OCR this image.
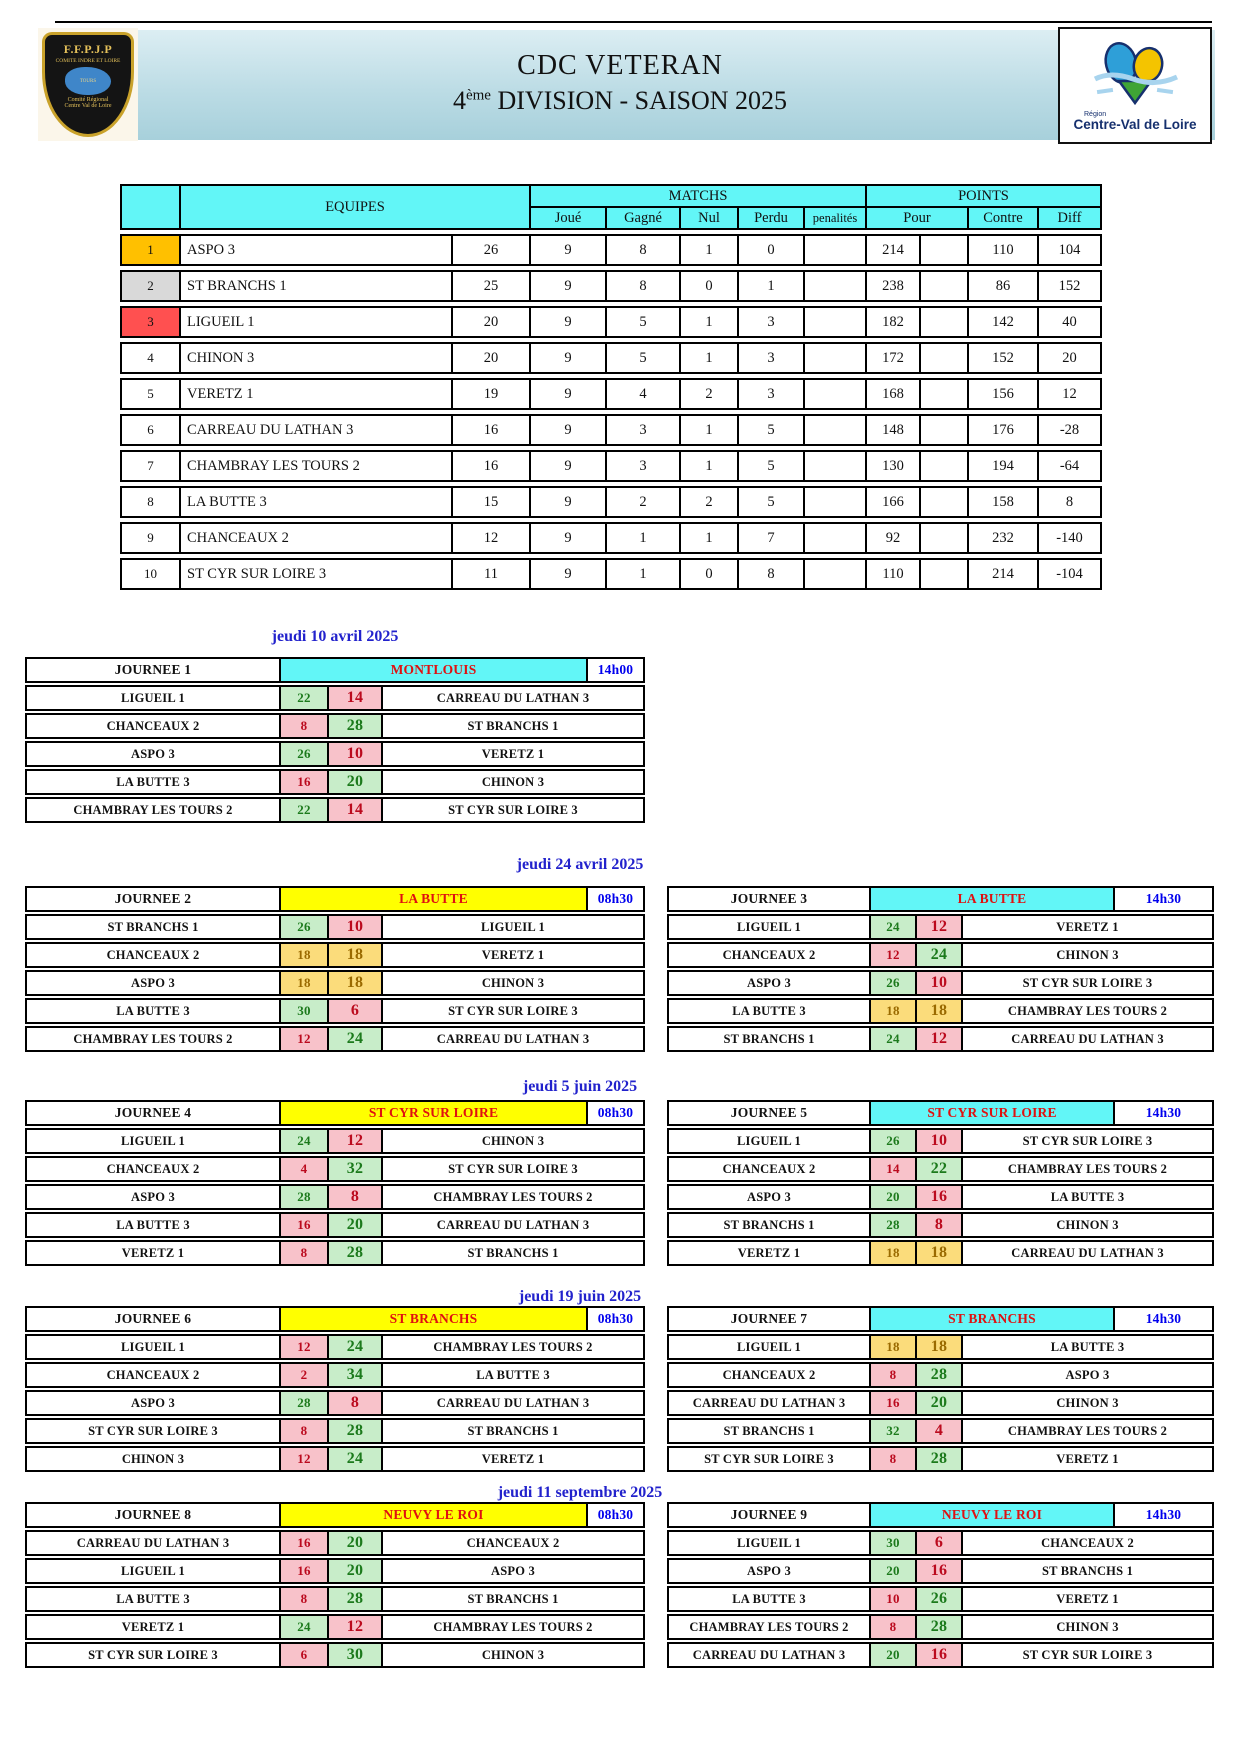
CDC VETERAN
4ème DIVISION - SAISON 2025
F.F.P.J.P
COMITE INDRE ET LOIRE
TOURS
Comité Régional
Centre Val de Loire
Région
Centre-Val de Loire
EQUIPES
MATCHS	POINTS
Joué	Gagné	Nul	Perdu	penalités	Pour	Contre	Diff
1	ASPO 3	26	9	8	1	0	214	110	104
2	ST BRANCHS 1	25	9	8	0	1	238	86	152
3	LIGUEIL 1	20	9	5	1	3	182	142	40
4	CHINON 3	20	9	5	1	3	172	152	20
5	VERETZ 1	19	9	4	2	3	168	156	12
6	CARREAU DU LATHAN 3	16	9	3	1	5	148	176	-28
7	CHAMBRAY LES TOURS 2	16	9	3	1	5	130	194	-64
8	LA BUTTE 3	15	9	2	2	5	166	158	8
9	CHANCEAUX 2	12	9	1	1	7	92	232	-140
10	ST CYR SUR LOIRE 3	11	9	1	0	8	110	214	-104
jeudi 10 avril 2025
jeudi 24 avril 2025
jeudi 5 juin 2025
jeudi 19 juin 2025
jeudi 11 septembre 2025
JOURNEE 1	MONTLOUIS	14h00
LIGUEIL 1	22	14	CARREAU DU LATHAN 3
CHANCEAUX 2	8	28	ST BRANCHS 1
ASPO 3	26	10	VERETZ 1
LA BUTTE 3	16	20	CHINON 3
CHAMBRAY LES TOURS 2	22	14	ST CYR SUR LOIRE 3
JOURNEE 2	LA BUTTE	08h30
ST BRANCHS 1	26	10	LIGUEIL 1
CHANCEAUX 2	18	18	VERETZ 1
ASPO 3	18	18	CHINON 3
LA BUTTE 3	30	6	ST CYR SUR LOIRE 3
CHAMBRAY LES TOURS 2	12	24	CARREAU DU LATHAN 3
JOURNEE 3	LA BUTTE	14h30
LIGUEIL 1	24	12	VERETZ 1
CHANCEAUX 2	12	24	CHINON 3
ASPO 3	26	10	ST CYR SUR LOIRE 3
LA BUTTE 3	18	18	CHAMBRAY LES TOURS 2
ST BRANCHS 1	24	12	CARREAU DU LATHAN 3
JOURNEE 4	ST CYR SUR LOIRE	08h30
LIGUEIL 1	24	12	CHINON 3
CHANCEAUX 2	4	32	ST CYR SUR LOIRE 3
ASPO 3	28	8	CHAMBRAY LES TOURS 2
LA BUTTE 3	16	20	CARREAU DU LATHAN 3
VERETZ 1	8	28	ST BRANCHS 1
JOURNEE 5	ST CYR SUR LOIRE	14h30
LIGUEIL 1	26	10	ST CYR SUR LOIRE 3
CHANCEAUX 2	14	22	CHAMBRAY LES TOURS 2
ASPO 3	20	16	LA BUTTE 3
ST BRANCHS 1	28	8	CHINON 3
VERETZ 1	18	18	CARREAU DU LATHAN 3
JOURNEE 6	ST BRANCHS	08h30
LIGUEIL 1	12	24	CHAMBRAY LES TOURS 2
CHANCEAUX 2	2	34	LA BUTTE 3
ASPO 3	28	8	CARREAU DU LATHAN 3
ST CYR SUR LOIRE 3	8	28	ST BRANCHS 1
CHINON 3	12	24	VERETZ 1
JOURNEE 7	ST BRANCHS	14h30
LIGUEIL 1	18	18	LA BUTTE 3
CHANCEAUX 2	8	28	ASPO 3
CARREAU DU LATHAN 3	16	20	CHINON 3
ST BRANCHS 1	32	4	CHAMBRAY LES TOURS 2
ST CYR SUR LOIRE 3	8	28	VERETZ 1
JOURNEE 8	NEUVY LE ROI	08h30
CARREAU DU LATHAN 3	16	20	CHANCEAUX 2
LIGUEIL 1	16	20	ASPO 3
LA BUTTE 3	8	28	ST BRANCHS 1
VERETZ 1	24	12	CHAMBRAY LES TOURS 2
ST CYR SUR LOIRE 3	6	30	CHINON 3
JOURNEE 9	NEUVY LE ROI	14h30
LIGUEIL 1	30	6	CHANCEAUX 2
ASPO 3	20	16	ST BRANCHS 1
LA BUTTE 3	10	26	VERETZ 1
CHAMBRAY LES TOURS 2	8	28	CHINON 3
CARREAU DU LATHAN 3	20	16	ST CYR SUR LOIRE 3
